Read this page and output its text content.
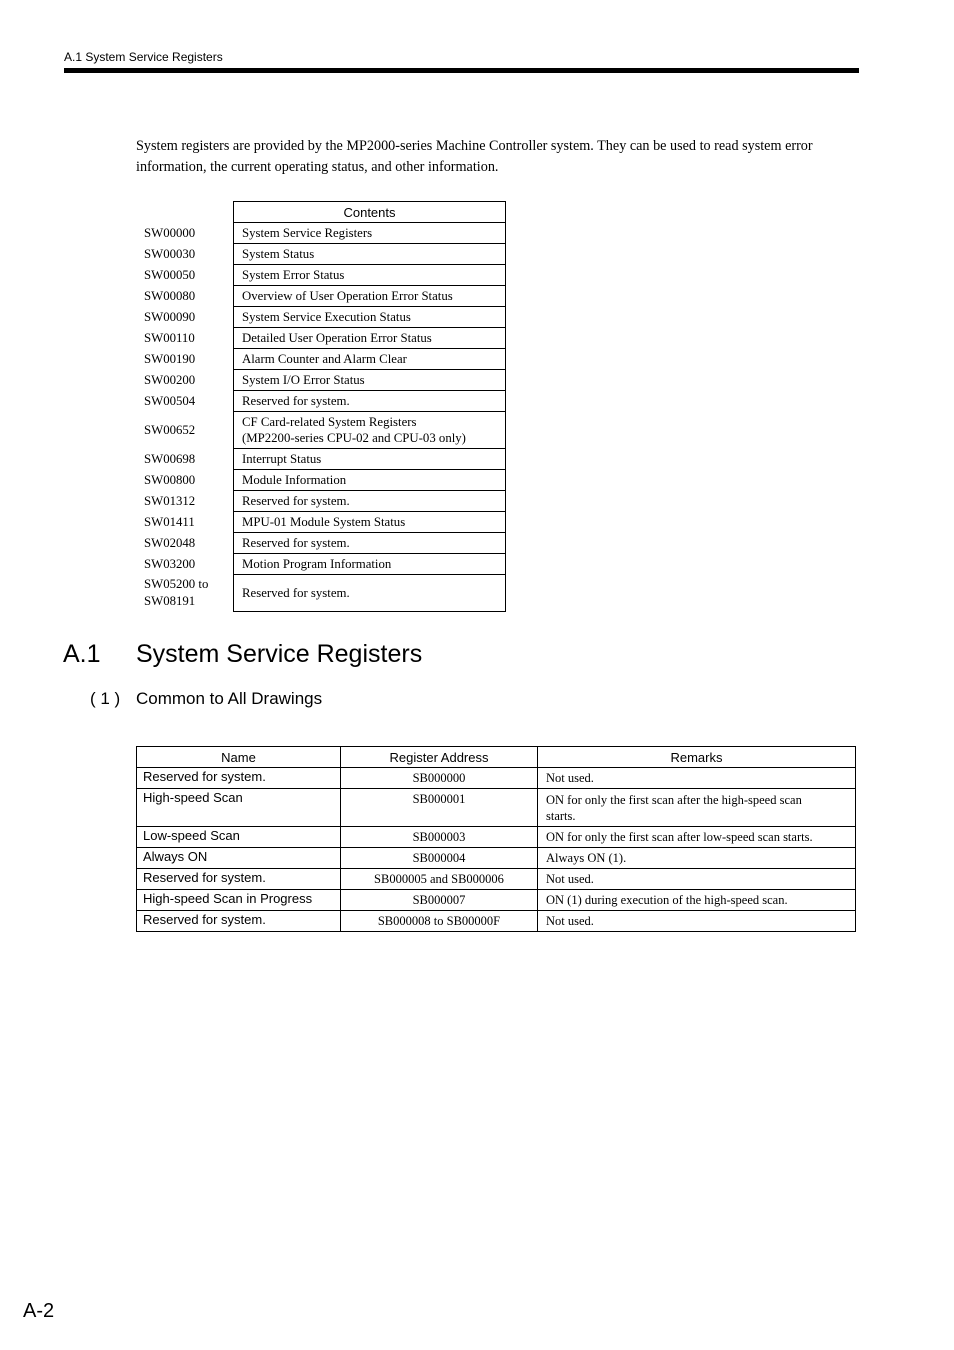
A.1 System Service Registers

System registers are provided by the MP2000-series Machine Controller system. They can be used to read system error information, the current operating status, and other information.

	Contents

SW00000	System Service Registers

SW00030	System Status

SW00050	System Error Status

SW00080	Overview of User Operation Error Status

SW00090	System Service Execution Status

SW00110	Detailed User Operation Error Status

SW00190	Alarm Counter and Alarm Clear

SW00200	System I/O Error Status

SW00504	Reserved for system.

SW00652	CF Card-related System Registers
(MP2200-series CPU-02 and CPU-03 only)

SW00698	Interrupt Status

SW00800	Module Information

SW01312	Reserved for system.

SW01411	MPU-01 Module System Status

SW02048	Reserved for system.

SW03200	Motion Program Information

SW05200 to
SW08191	Reserved for system.
A.1 System Service Registers
( 1 ) Common to All Drawings
Name	Register Address	Remarks
Reserved for system.	SB000000	Not used.

High-speed Scan	SB000001	ON for only the first scan after the high-speed scan
starts.

Low-speed Scan	SB000003	ON for only the first scan after low-speed scan starts.

Always ON	SB000004	Always ON (1).

Reserved for system.	SB000005 and SB000006	Not used.

High-speed Scan in Progress	SB000007	ON (1) during execution of the high-speed scan.

Reserved for system.	SB000008 to SB00000F	Not used.
A-2
